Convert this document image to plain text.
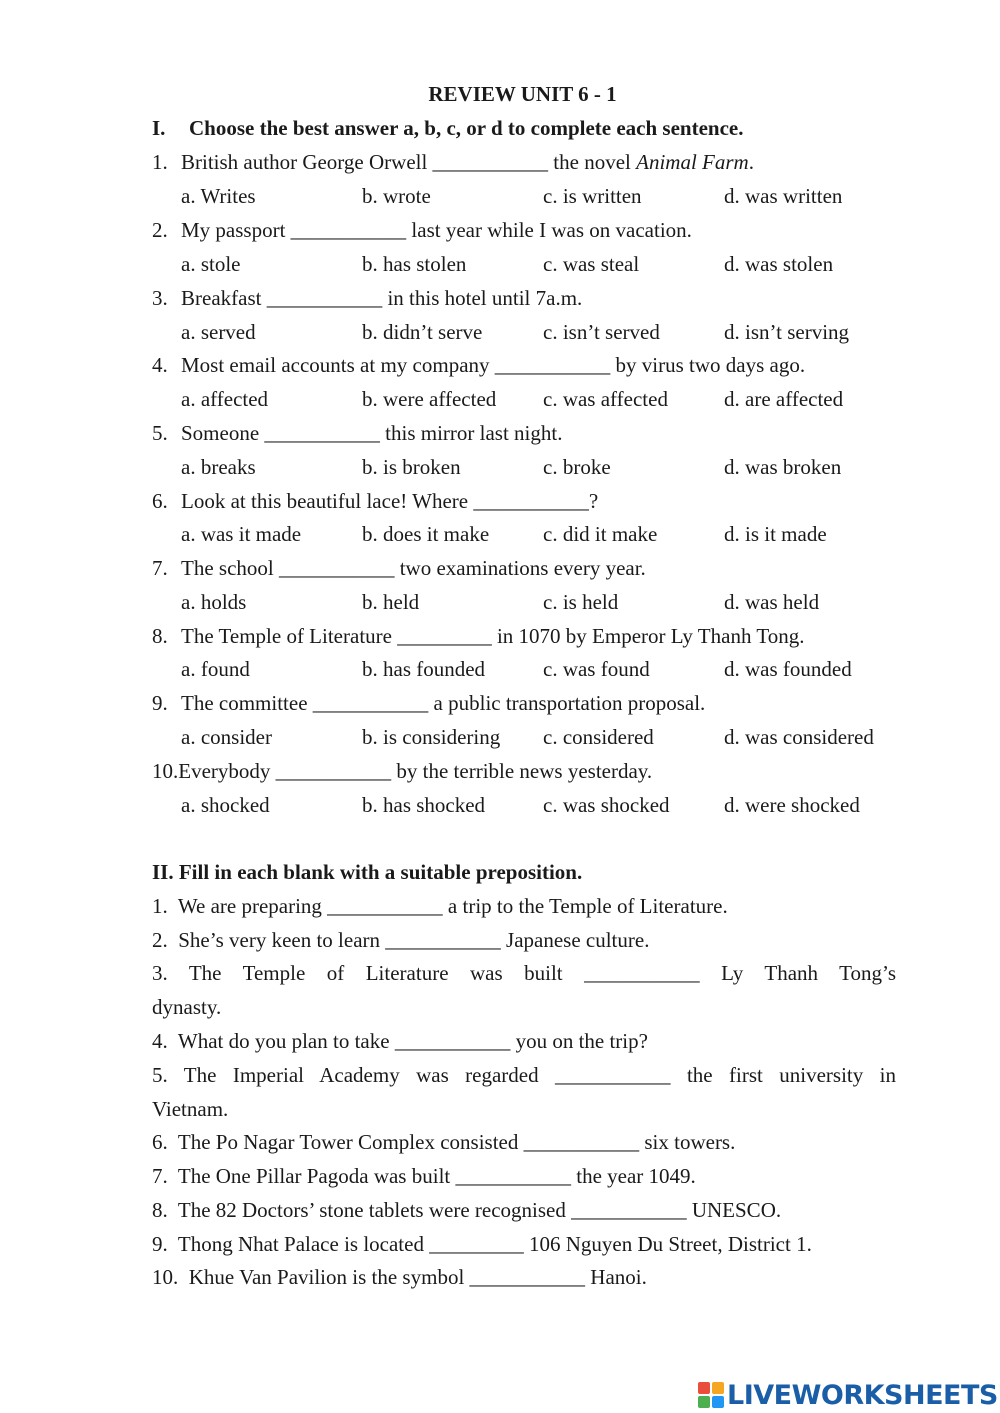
REVIEW UNIT 6 - 1
I. Choose the best answer a, b, c, or d to complete each sentence.
1. British author George Orwell ___________ the novel Animal Farm.
a. Writes	b. wrote	c. is written	d. was written
2. My passport ___________ last year while I was on vacation.
a. stole	b. has stolen	c. was steal	d. was stolen
3. Breakfast ___________ in this hotel until 7a.m.
a. served	b. didn’t serve	c. isn’t served	d. isn’t serving
4. Most email accounts at my company ___________ by virus two days ago.
a. affected	b. were affected c. was affected	d. are affected
5. Someone ___________ this mirror last night.
a. breaks	b. is broken	c. broke	d. was broken
6. Look at this beautiful lace! Where ___________?
a. was it made	b. does it make	c. did it make	d. is it made
7. The school ___________ two examinations every year.
a. holds	b. held	c. is held	d. was held
8. The Temple of Literature _________ in 1070 by Emperor Ly Thanh Tong.
a. found	b. has founded	c. was found	d. was founded
9. The committee ___________ a public transportation proposal.
a. consider	b. is considering c. considered	d. was considered
10.Everybody ___________ by the terrible news yesterday.
a. shocked	b. has shocked	c. was shocked	d. were shocked
II. Fill in each blank with a suitable preposition.
1.  We are preparing ___________ a trip to the Temple of Literature.
2.  She’s very keen to learn ___________ Japanese culture.
3. The Temple of Literature was built ___________ Ly Thanh Tong’s
dynasty.
4.  What do you plan to take ___________ you on the trip?
5. The Imperial Academy was regarded ___________ the first university in
Vietnam.
6.  The Po Nagar Tower Complex consisted ___________ six towers.
7.  The One Pillar Pagoda was built ___________ the year 1049.
8.  The 82 Doctors’ stone tablets were recognised ___________ UNESCO.
9.  Thong Nhat Palace is located _________ 106 Nguyen Du Street, District 1.
10.  Khue Van Pavilion is the symbol ___________ Hanoi.
LIVEWORKSHEETS
